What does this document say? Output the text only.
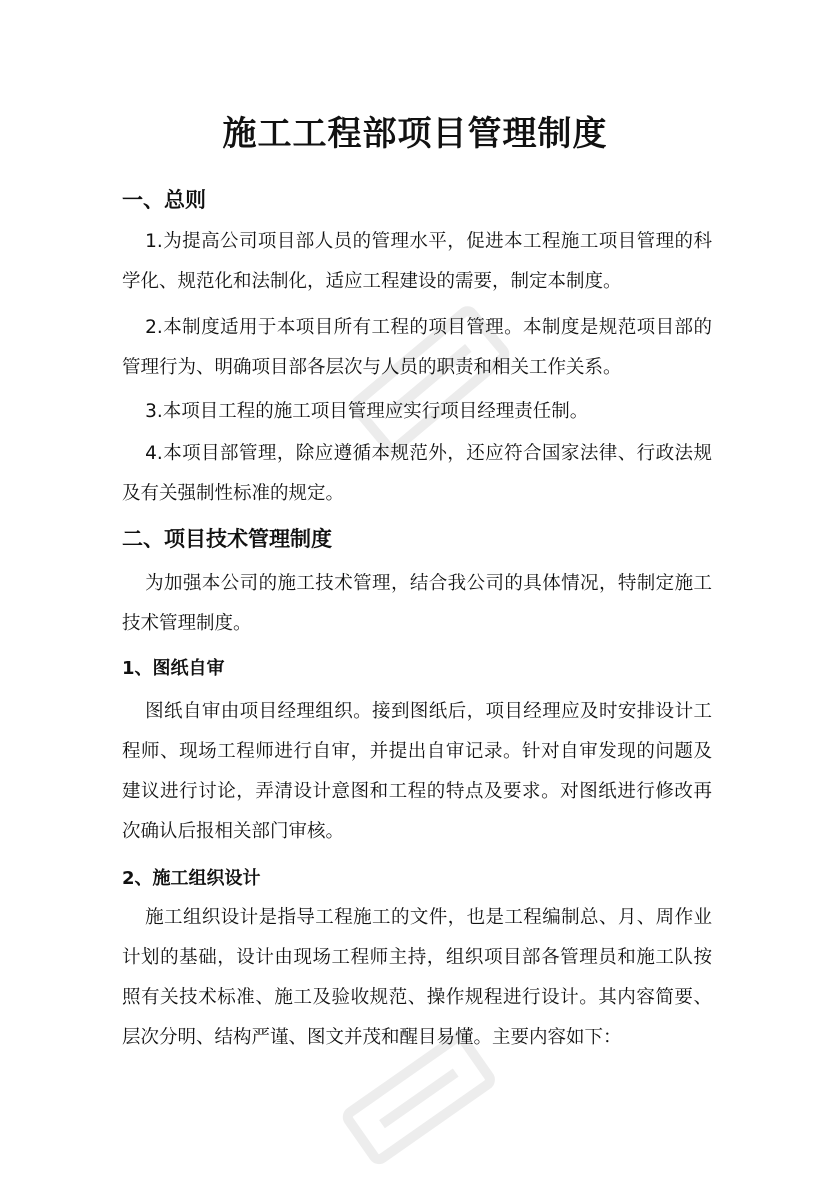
施工工程部项目管理制度
一、总则

1.为提高公司项目部人员的管理水平，促进本工程施工项目管理的科学化、规范化和法制化，适应工程建设的需要，制定本制度。

2.本制度适用于本项目所有工程的项目管理。本制度是规范项目部的管理行为、明确项目部各层次与人员的职责和相关工作关系。

3.本项目工程的施工项目管理应实行项目经理责任制。

4.本项目部管理，除应遵循本规范外，还应符合国家法律、行政法规及有关强制性标准的规定。

二、项目技术管理制度

为加强本公司的施工技术管理，结合我公司的具体情况，特制定施工技术管理制度。

1、图纸自审

图纸自审由项目经理组织。接到图纸后，项目经理应及时安排设计工程师、现场工程师进行自审，并提出自审记录。针对自审发现的问题及建议进行讨论，弄清设计意图和工程的特点及要求。对图纸进行修改再次确认后报相关部门审核。

2、施工组织设计

施工组织设计是指导工程施工的文件，也是工程编制总、月、周作业计划的基础，设计由现场工程师主持，组织项目部各管理员和施工队按照有关技术标准、施工及验收规范、操作规程进行设计。其内容简要、层次分明、结构严谨、图文并茂和醒目易懂。主要内容如下：
